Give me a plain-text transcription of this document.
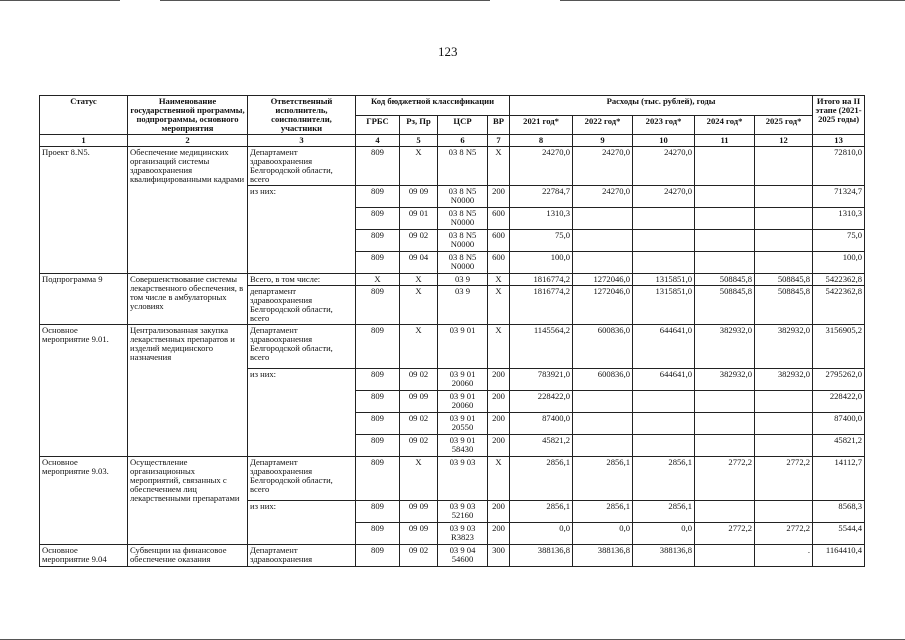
123
Статус	Наименование государственной программы, подпрограммы, основного мероприятия	Ответственный исполнитель, соисполнители, участники	Код бюджетной классификации				Расходы (тыс. рублей), годы					Итого на II этапе (2021-2025 годы)
			ГРБС	Рз, Пр	ЦСР	ВР	2021 год*	2022 год*	2023 год*	2024 год*	2025 год*	
1	2	3	4	5	6	7	8	9	10	11	12	13
Проект 8.N5.	Обеспечение медицинских организаций системы здравоохранения квалифицированными кадрами	Департамент здравоохранения Белгородской области, всего	809	X	03 8 N5	X	24270,0	24270,0	24270,0			72810,0
		из них:	809	09 09	03 8 N5 N0000	200	22784,7	24270,0	24270,0			71324,7
			809	09 01	03 8 N5 N0000	600	1310,3					1310,3
			809	09 02	03 8 N5 N0000	600	75,0					75,0
			809	09 04	03 8 N5 N0000	600	100,0					100,0
Подпрограмма 9	Совершенствование системы лекарственного обеспечения, в том числе в амбулаторных условиях	Всего, в том числе:	X	X	03 9	X	1816774,2	1272046,0	1315851,0	508845,8	508845,8	5422362,8
		департамент здравоохранения Белгородской области, всего	809	X	03 9	X	1816774,2	1272046,0	1315851,0	508845,8	508845,8	5422362,8
Основное мероприятие 9.01.	Централизованная закупка лекарственных препаратов и изделий медицинского назначения	Департамент здравоохранения Белгородской области, всего	809	X	03 9 01	X	1145564,2	600836,0	644641,0	382932,0	382932,0	3156905,2
		из них:	809	09 02	03 9 01 20060	200	783921,0	600836,0	644641,0	382932,0	382932,0	2795262,0
			809	09 09	03 9 01 20060	200	228422,0					228422,0
			809	09 02	03 9 01 20550	200	87400,0					87400,0
			809	09 02	03 9 01 58430	200	45821,2					45821,2
Основное мероприятие 9.03.	Осуществление организационных мероприятий, связанных с обеспечением лиц лекарственными препаратами	Департамент здравоохранения Белгородской области, всего	809	X	03 9 03	X	2856,1	2856,1	2856,1	2772,2	2772,2	14112,7
		из них:	809	09 09	03 9 03 52160	200	2856,1	2856,1	2856,1			8568,3
			809	09 09	03 9 03 R3823	200	0,0	0,0	0,0	2772,2	2772,2	5544,4
Основное мероприятие 9.04	Субвенции на финансовое обеспечение оказания	Департамент здравоохранения	809	09 02	03 9 04 54600	300	388136,8	388136,8	388136,8		.	1164410,4
